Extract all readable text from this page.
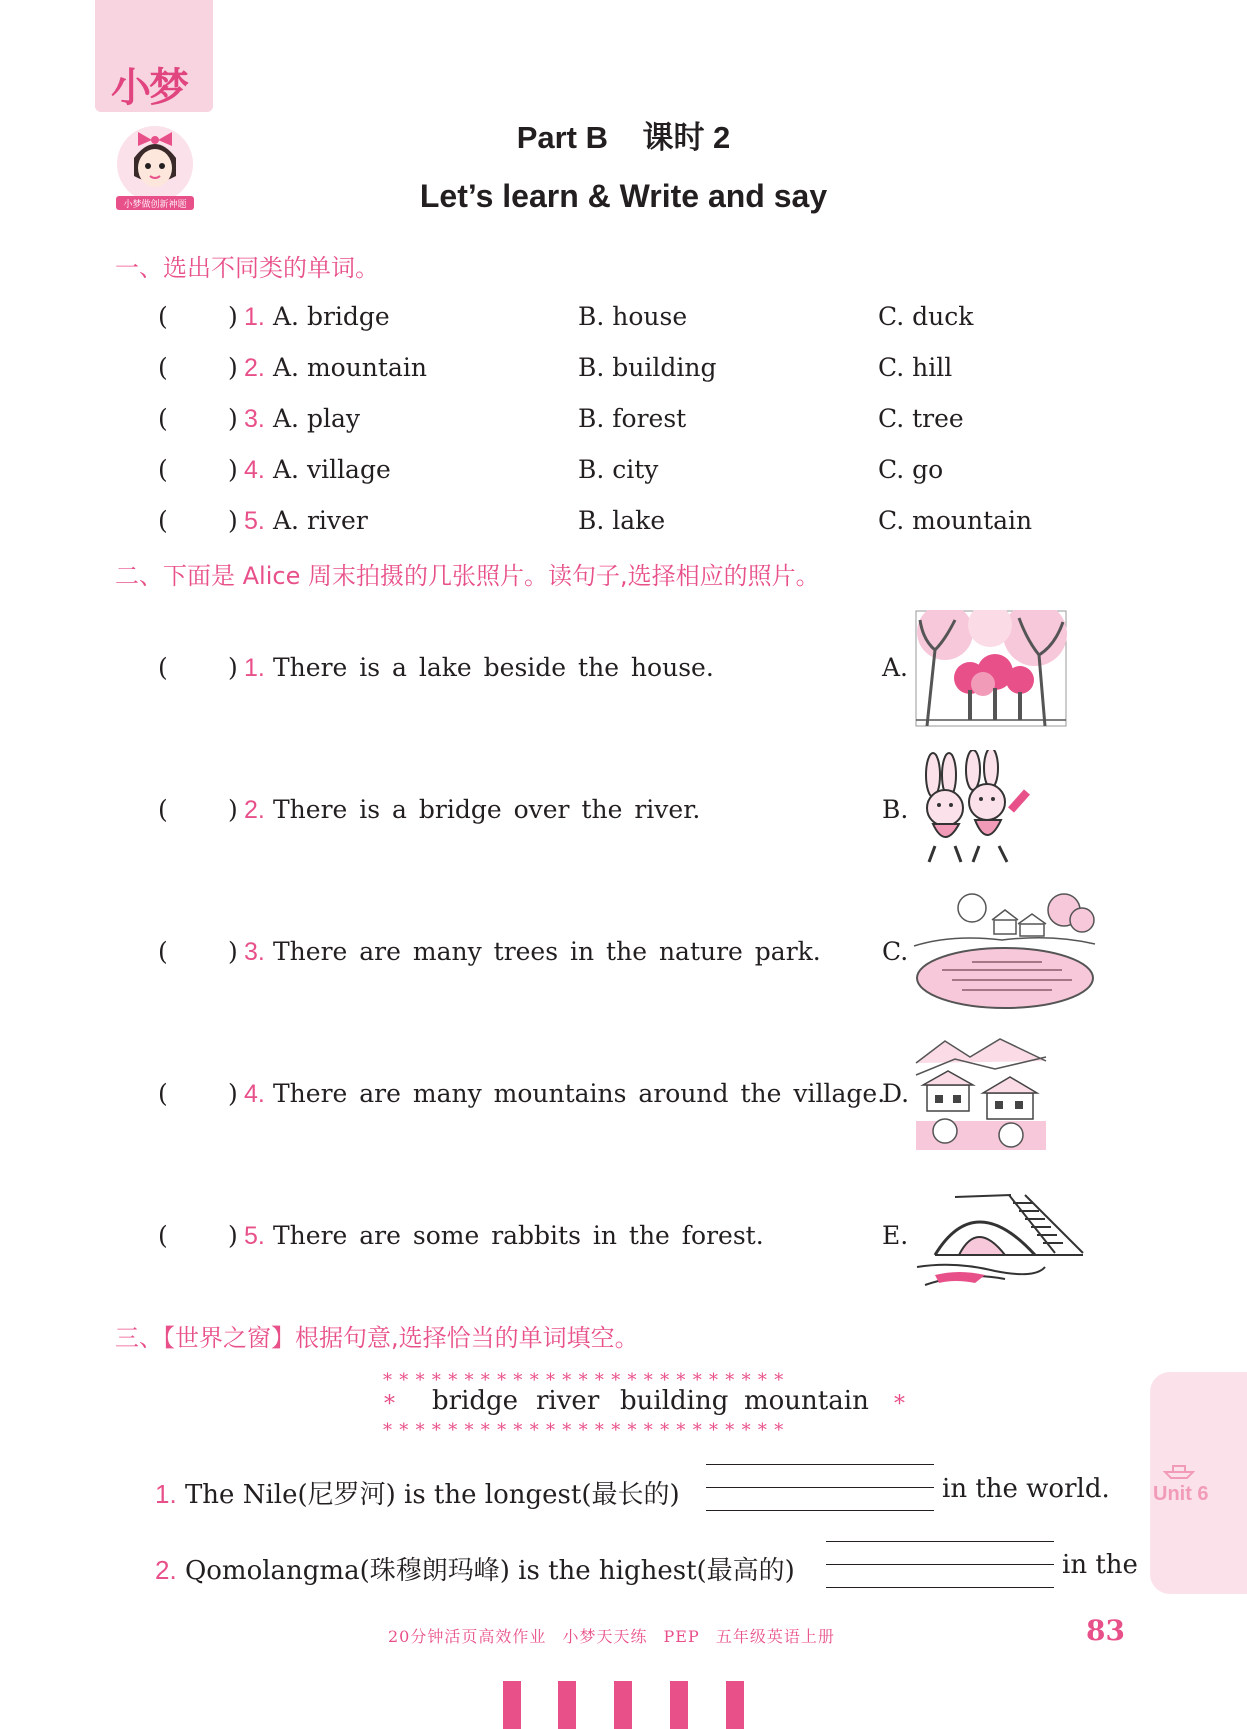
小梦
小梦做创新神题
Part B    课时 2
Let’s learn & Write and say
一、选出不同类的单词。
( ) 1. A. bridge	B. house	C. duck
( ) 2. A. mountain	B. building	C. hill
( ) 3. A. play	B. forest	C. tree
( ) 4. A. village	B. city	C. go
( ) 5. A. river	B. lake	C. mountain
二、下面是 Alice 周末拍摄的几张照片。读句子,选择相应的照片。
( ) 1. There is a lake beside the house.	A.
( ) 2. There is a bridge over the river.	B.
( ) 3. There are many trees in the nature park. C.
( ) 4. There are many mountains around the village.
D.
( ) 5. There are some rabbits in the forest.	E.
三、【世界之窗】根据句意,选择恰当的单词填空。
*************************
*************************
*	*
bridge river building mountain
1. The Nile(尼罗河) is the longest(最长的)	in the world.
2. Qomolangma(珠穆朗玛峰) is the highest(最高的)	in the
Unit 6
20分钟活页高效作业 小梦天天练 PEP 五年级英语上册	83
